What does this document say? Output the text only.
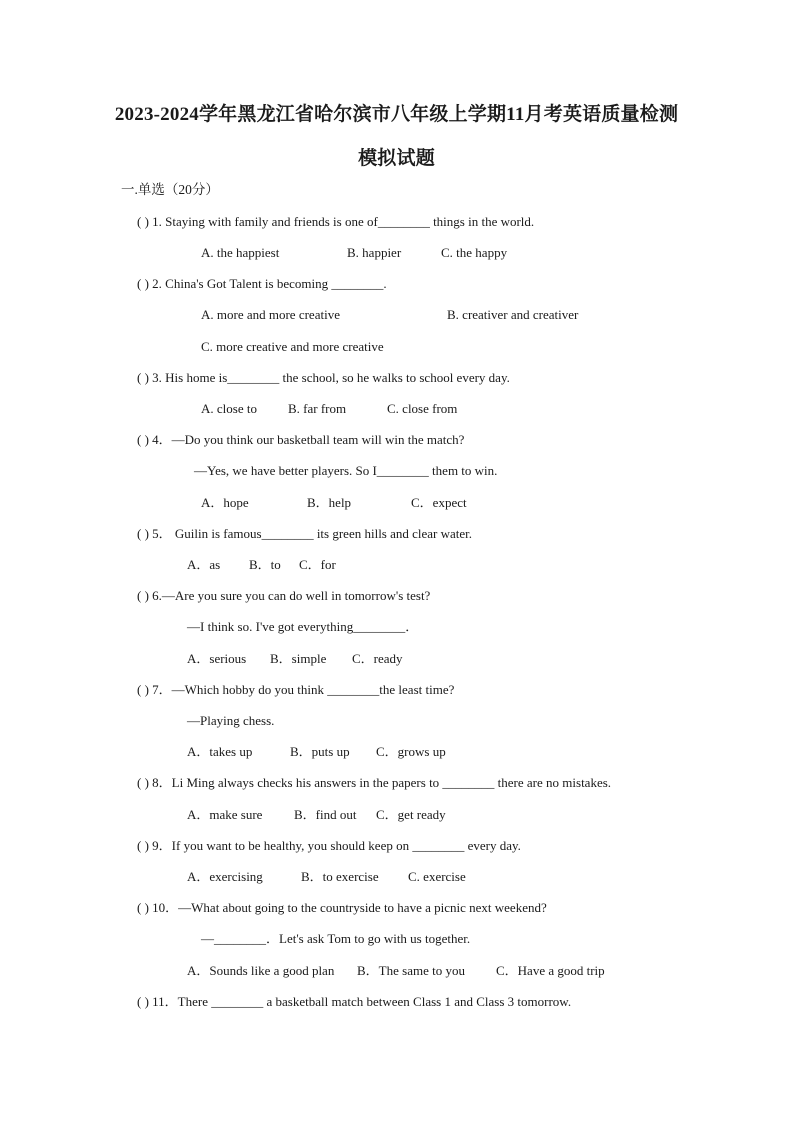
2023-2024学年黑龙江省哈尔滨市八年级上学期11月考英语质量检测
模拟试题
一.单选（20分）
( ) 1. Staying with family and friends is one of________ things in the world.
A. the happiest	B. happier	C. the happy
( ) 2. China's Got Talent is becoming ________.
A. more and more creative	B. creativer and creativer
C. more creative and more creative
( ) 3. His home is________ the school, so he walks to school every day.
A. close to B. far from	C. close from
( ) 4．—Do you think our basketball team will win the match?
—Yes, we have better players. So I________ them to win.
A．hope	B．help	C．expect
( ) 5． Guilin is famous________ its green hills and clear water.
A．as B．to C．for
( ) 6.—Are you sure you can do well in tomorrow's test?
—I think so. I've got everything________．
A．serious B．simple C．ready
( ) 7．—Which hobby do you think ________the least time?
—Playing chess.
A．takes up	B．puts up C．grows up
( ) 8．Li Ming always checks his answers in the papers to ________ there are no mistakes.
A．make sure B．find out C．get ready
( ) 9．If you want to be healthy, you should keep on ________ every day.
A．exercising	B．to exercise C. exercise
( ) 10．—What about going to the countryside to have a picnic next weekend?
—________．Let's ask Tom to go with us together.
A．Sounds like a good plan B．The same to you C．Have a good trip
( ) 11．There ________ a basketball match between Class 1 and Class 3 tomorrow.
